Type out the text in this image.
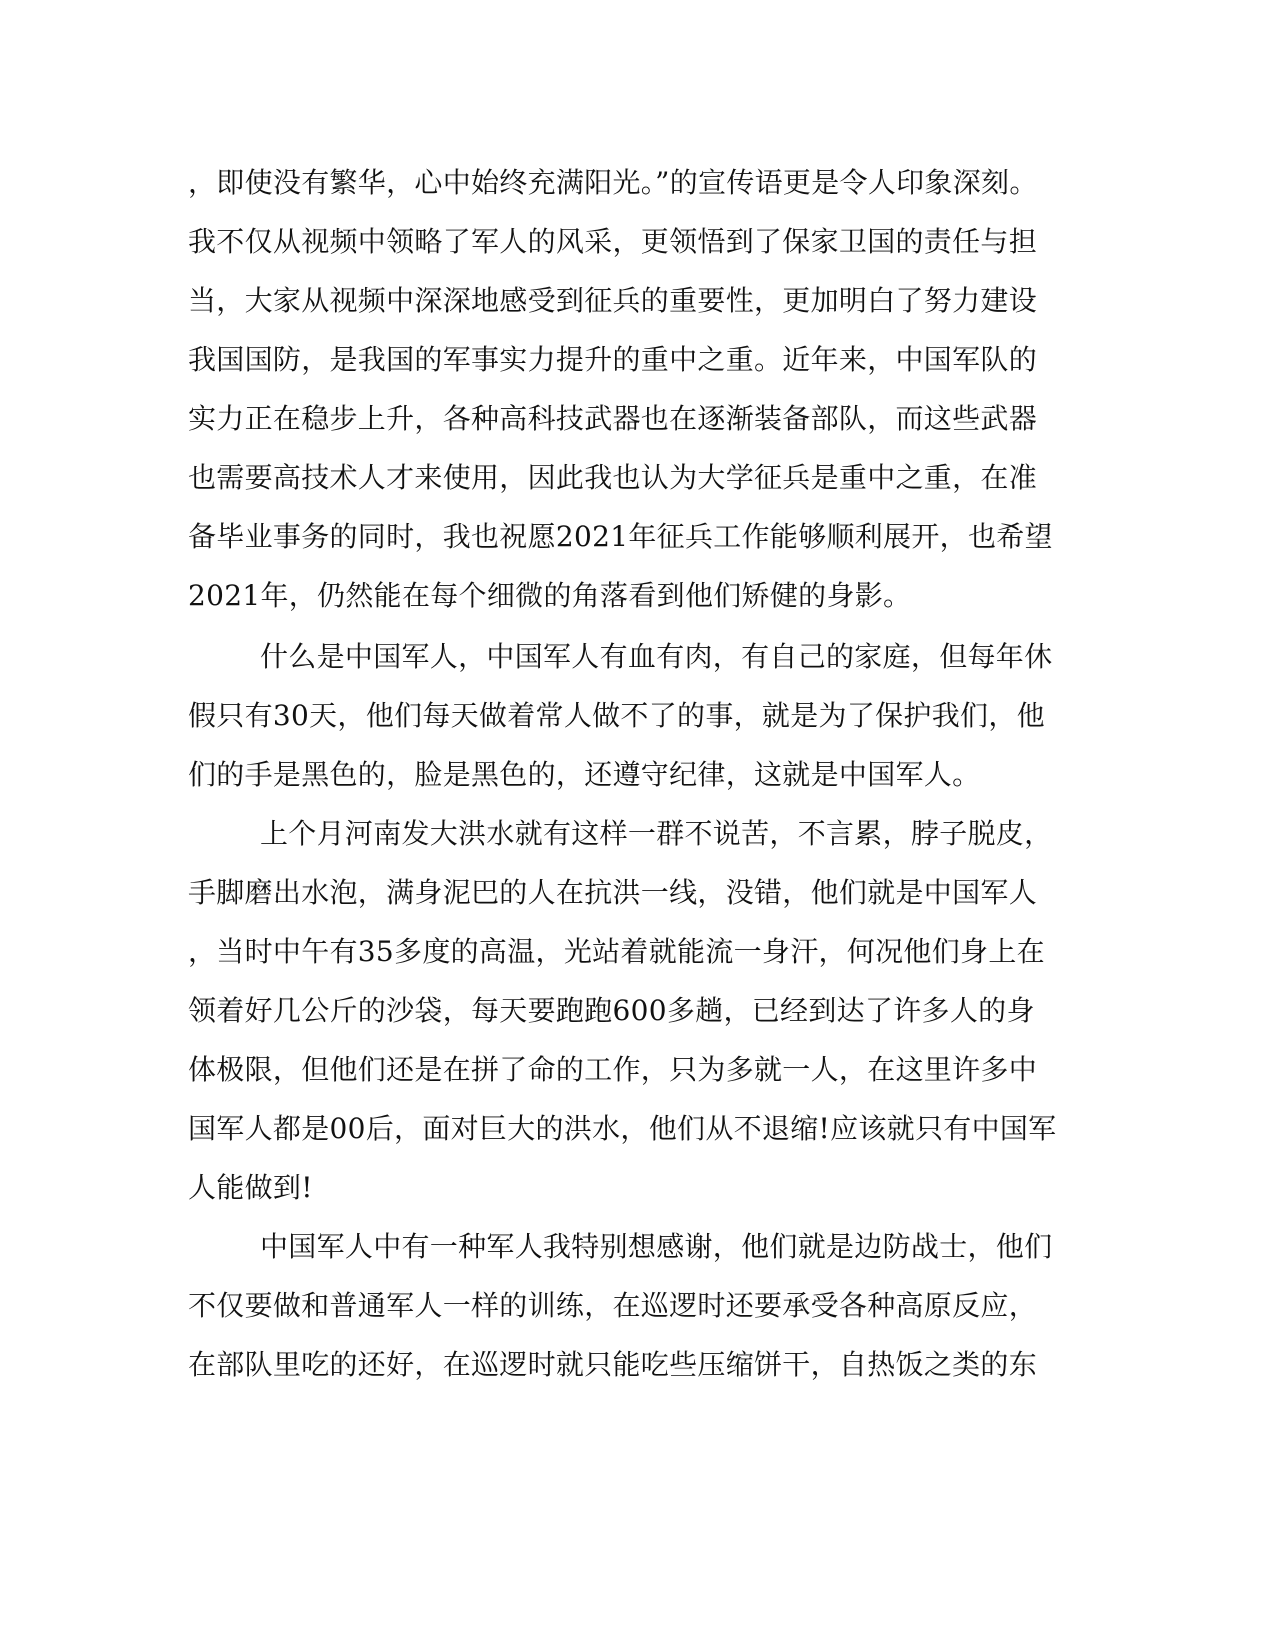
，即使没有繁华，心中始终充满阳光。”的宣传语更是令人印象深刻。
我不仅从视频中领略了军人的风采，更领悟到了保家卫国的责任与担
当，大家从视频中深深地感受到征兵的重要性，更加明白了努力建设
我国国防，是我国的军事实力提升的重中之重。近年来，中国军队的
实力正在稳步上升，各种高科技武器也在逐渐装备部队，而这些武器
也需要高技术人才来使用，因此我也认为大学征兵是重中之重，在准
备毕业事务的同时，我也祝愿2021年征兵工作能够顺利展开，也希望
2021年，仍然能在每个细微的角落看到他们矫健的身影。
什么是中国军人，中国军人有血有肉，有自己的家庭，但每年休
假只有30天，他们每天做着常人做不了的事，就是为了保护我们，他
们的手是黑色的，脸是黑色的，还遵守纪律，这就是中国军人。
上个月河南发大洪水就有这样一群不说苦，不言累，脖子脱皮，
手脚磨出水泡，满身泥巴的人在抗洪一线，没错，他们就是中国军人
，当时中午有35多度的高温，光站着就能流一身汗，何况他们身上在
领着好几公斤的沙袋，每天要跑跑600多趟，已经到达了许多人的身
体极限，但他们还是在拼了命的工作，只为多就一人，在这里许多中
国军人都是00后，面对巨大的洪水，他们从不退缩!应该就只有中国军
人能做到!
中国军人中有一种军人我特别想感谢，他们就是边防战士，他们
不仅要做和普通军人一样的训练，在巡逻时还要承受各种高原反应，
在部队里吃的还好，在巡逻时就只能吃些压缩饼干，自热饭之类的东
